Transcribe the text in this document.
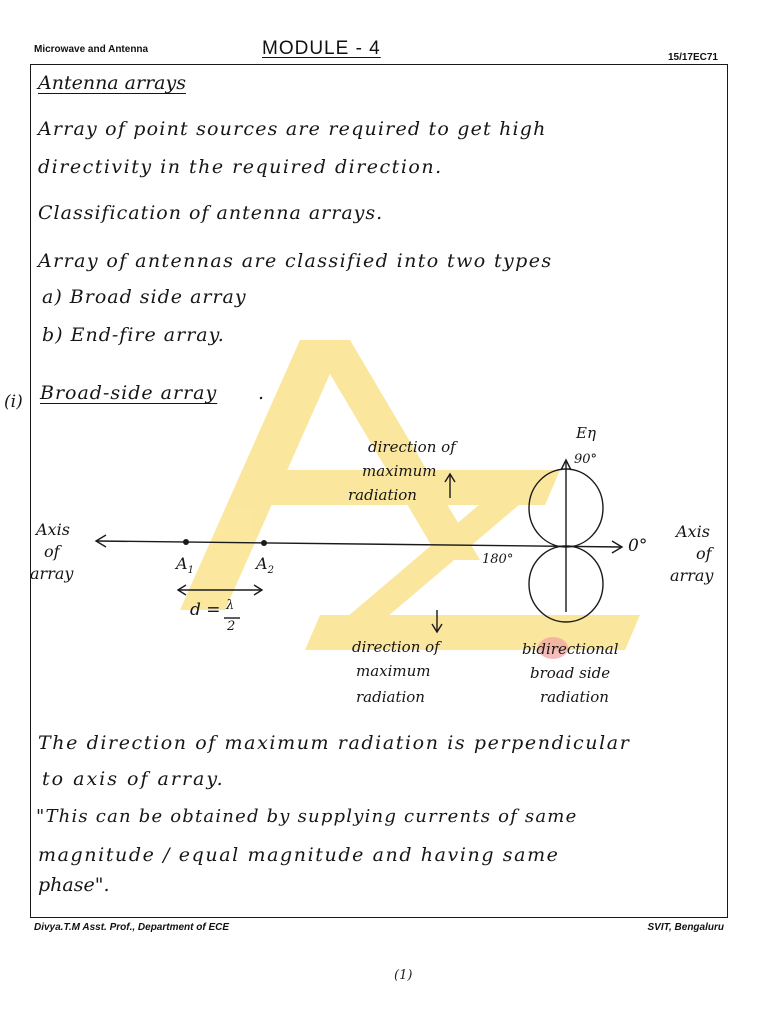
Microwave and Antenna	MODULE - 4	15/17EC71
Antenna arrays
Array of point sources are required to get high
directivity in the required direction.
Classification of antenna arrays.
Array of antennas are classified into two types
a) Broad side array
b) End-fire array.
(i) Broad-side array .
Axis
of
array
Axis
of
array
$A_1$	$A_2$
d = λ
2
Eη
90°
0°
180°
direction of
maximum
radiation
direction of
maximum
radiation
bidirectional
broad side
radiation
The direction of maximum radiation is perpendicular
to axis of array.
"This can be obtained by supplying currents of same
magnitude / equal magnitude and having same
phase".
Divya.T.M Asst. Prof., Department of ECE	SVIT, Bengaluru
(1)
